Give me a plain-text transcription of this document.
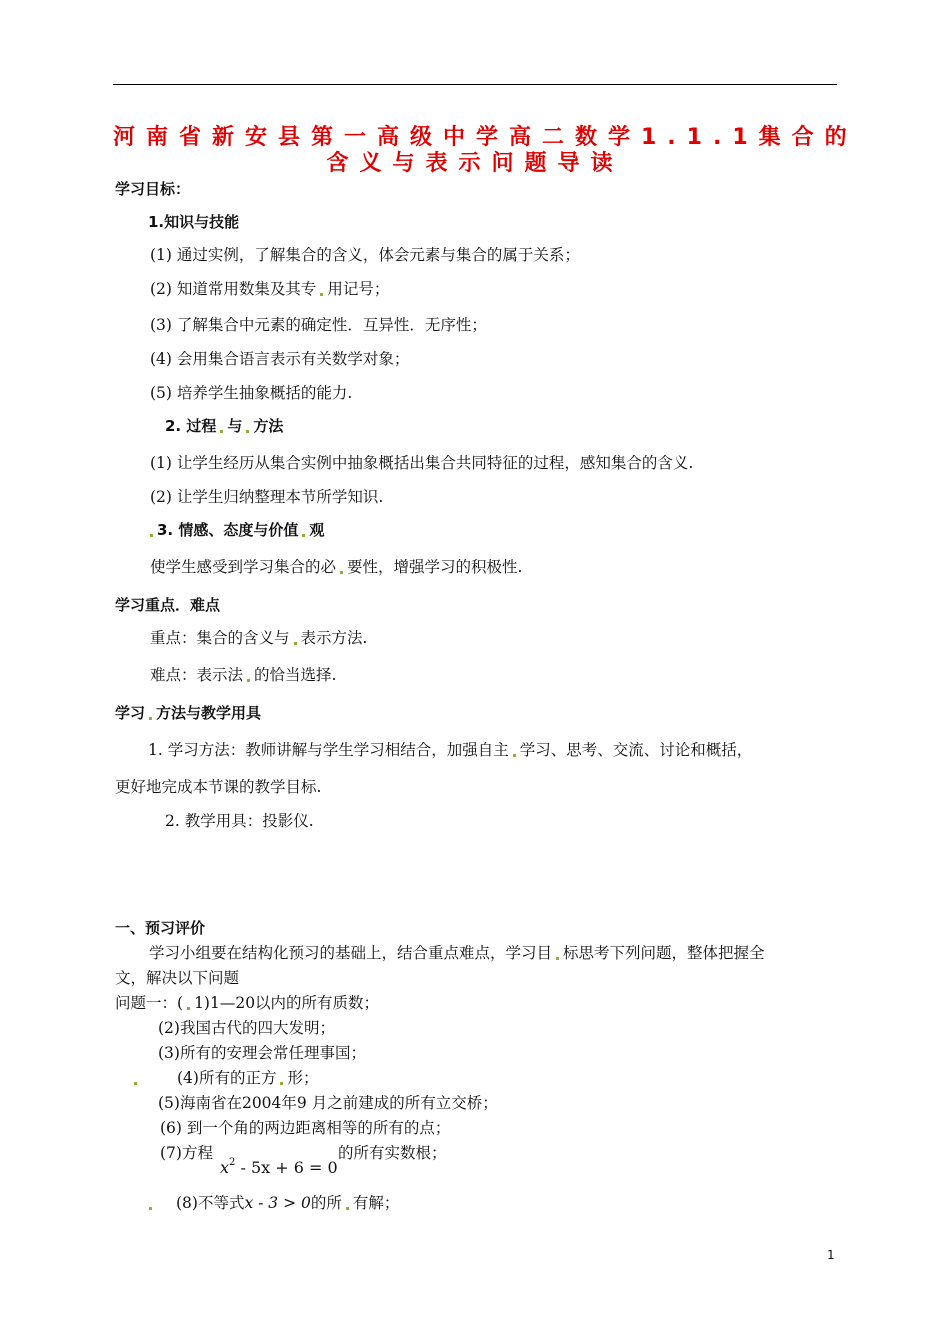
河南省新安县第一高级中学高二数学1.1.1集合的
含义与表示问题导读
学习目标：
1.知识与技能
(1) 通过实例，了解集合的含义，体会元素与集合的属于关系；
(2) 知道常用数集及其专 用记号；
(3) 了解集合中元素的确定性．互异性．无序性；
(4) 会用集合语言表示有关数学对象；
(5) 培养学生抽象概括的能力.
2. 过程 与 方法
(1) 让学生经历从集合实例中抽象概括出集合共同特征的过程，感知集合的含义.
(2) 让学生归纳整理本节所学知识.
3. 情感、态度与价值 观
使学生感受到学习集合的必 要性，增强学习的积极性.
学习重点．难点
重点：集合的含义与 表示方法.
难点：表示法 的恰当选择.
学习 方法与教学用具
1. 学习方法：教师讲解与学生学习相结合，加强自主 学习、思考、交流、讨论和概括，
更好地完成本节课的教学目标.
2. 教学用具：投影仪.
一、预习评价
学习小组要在结构化预习的基础上，结合重点难点，学习目 标思考下列问题，整体把握全
文，解决以下问题
问题一：( 1)1—20以内的所有质数；
(2)我国古代的四大发明；
(3)所有的安理会常任理事国；
(4)所有的正方 形；
(5)海南省在2004年9 月之前建成的所有立交桥；
(6) 到一个角的两边距离相等的所有的点；
(7)方程
$x^2 - 5x + 6 = 0$
的所有实数根；
(8)不等式x - 3 > 0的所 有解；
1
